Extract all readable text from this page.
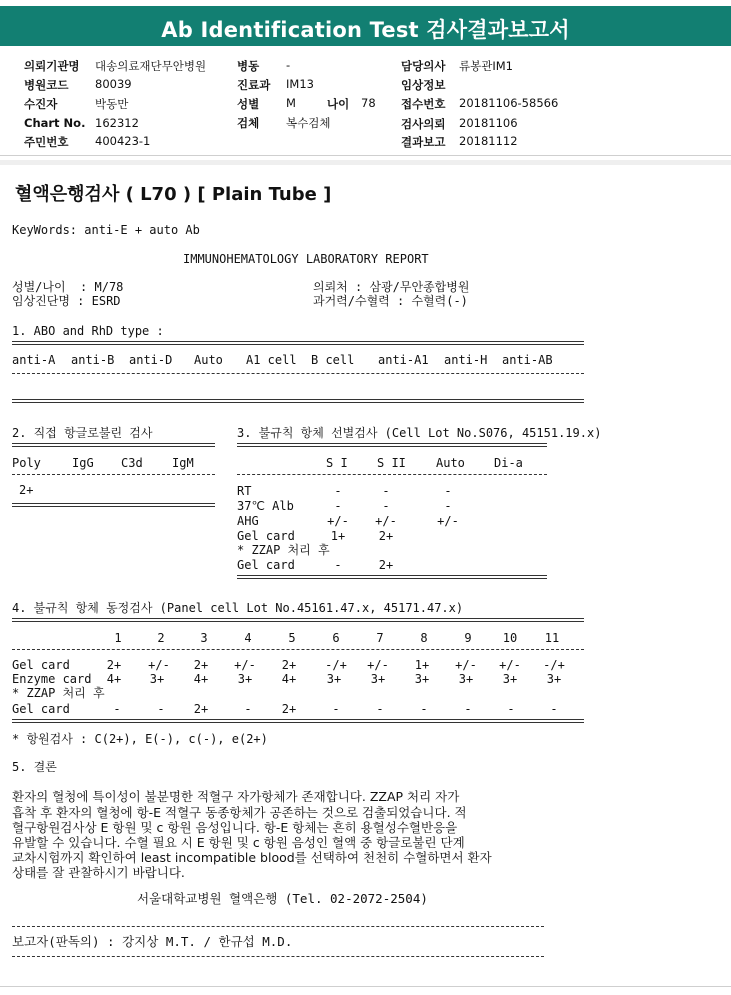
Ab Identification Test 검사결과보고서
의뢰기관명 대송의료재단무안병원
병원코드 80039
수진자	박동만
Chart No. 162312
주민번호 400423-1
병동 -
진료과 IM13
성별 M	나이 78
검체 복수검체
담당의사 류봉관IM1
임상정보
접수번호 20181106-58566
검사의뢰 20181106
결과보고 20181112
혈액은행검사 ( L70 ) [ Plain Tube ]
KeyWords: anti-E + auto Ab
IMMUNOHEMATOLOGY LABORATORY REPORT
성별/나이  : M/78
임상진단명 : ESRD
의뢰처 : 삼광/무안종합병원
과거력/수혈력 : 수혈력(-)
1. ABO and RhD type :
anti-A anti-B anti-D Auto A1 cell B cell anti-A1 anti-H anti-AB
2. 직접 항글로불린 검사
Poly	IgG C3d IgM
2+
3. 불규칙 항체 선별검사 (Cell Lot No.S076, 45151.19.x)
S I S II	Auto Di-a
RT	-	-	-
37℃ Alb	-	-	-
AHG	+/-	+/-	+/-
Gel card	1+	2+
* ZZAP 처리 후
Gel card	-	2+
4. 불규칙 항체 동정검사 (Panel cell Lot No.45161.47.x, 45171.47.x)
1	2	3	4	5	6	7	8	9	10	11
Gel card	2+	+/-	2+	+/-	2+	-/+	+/-	1+	+/-	+/-	-/+
Enzyme card	4+	3+	4+	3+	4+	3+	3+	3+	3+	3+	3+
* ZZAP 처리 후
Gel card	-	-	2+	-	2+	-	-	-	-	-	-
* 항원검사 : C(2+), E(-), c(-), e(2+)
5. 결론
환자의 혈청에 특이성이 불분명한 적혈구 자가항체가 존재합니다. ZZAP 처리 자가
흡착 후 환자의 혈청에 항-E 적혈구 동종항체가 공존하는 것으로 검출되었습니다. 적
혈구항원검사상 E 항원 및 c 항원 음성입니다. 항-E 항체는 흔히 용혈성수혈반응을
유발할 수 있습니다. 수혈 필요 시 E 항원 및 c 항원 음성인 혈액 중 항글로불린 단계
교차시험까지 확인하여 least incompatible blood를 선택하여 천천히 수혈하면서 환자
상태를 잘 관찰하시기 바랍니다.
서울대학교병원 혈액은행 (Tel. 02-2072-2504)
보고자(판독의) : 강지상 M.T. / 한규섭 M.D.
